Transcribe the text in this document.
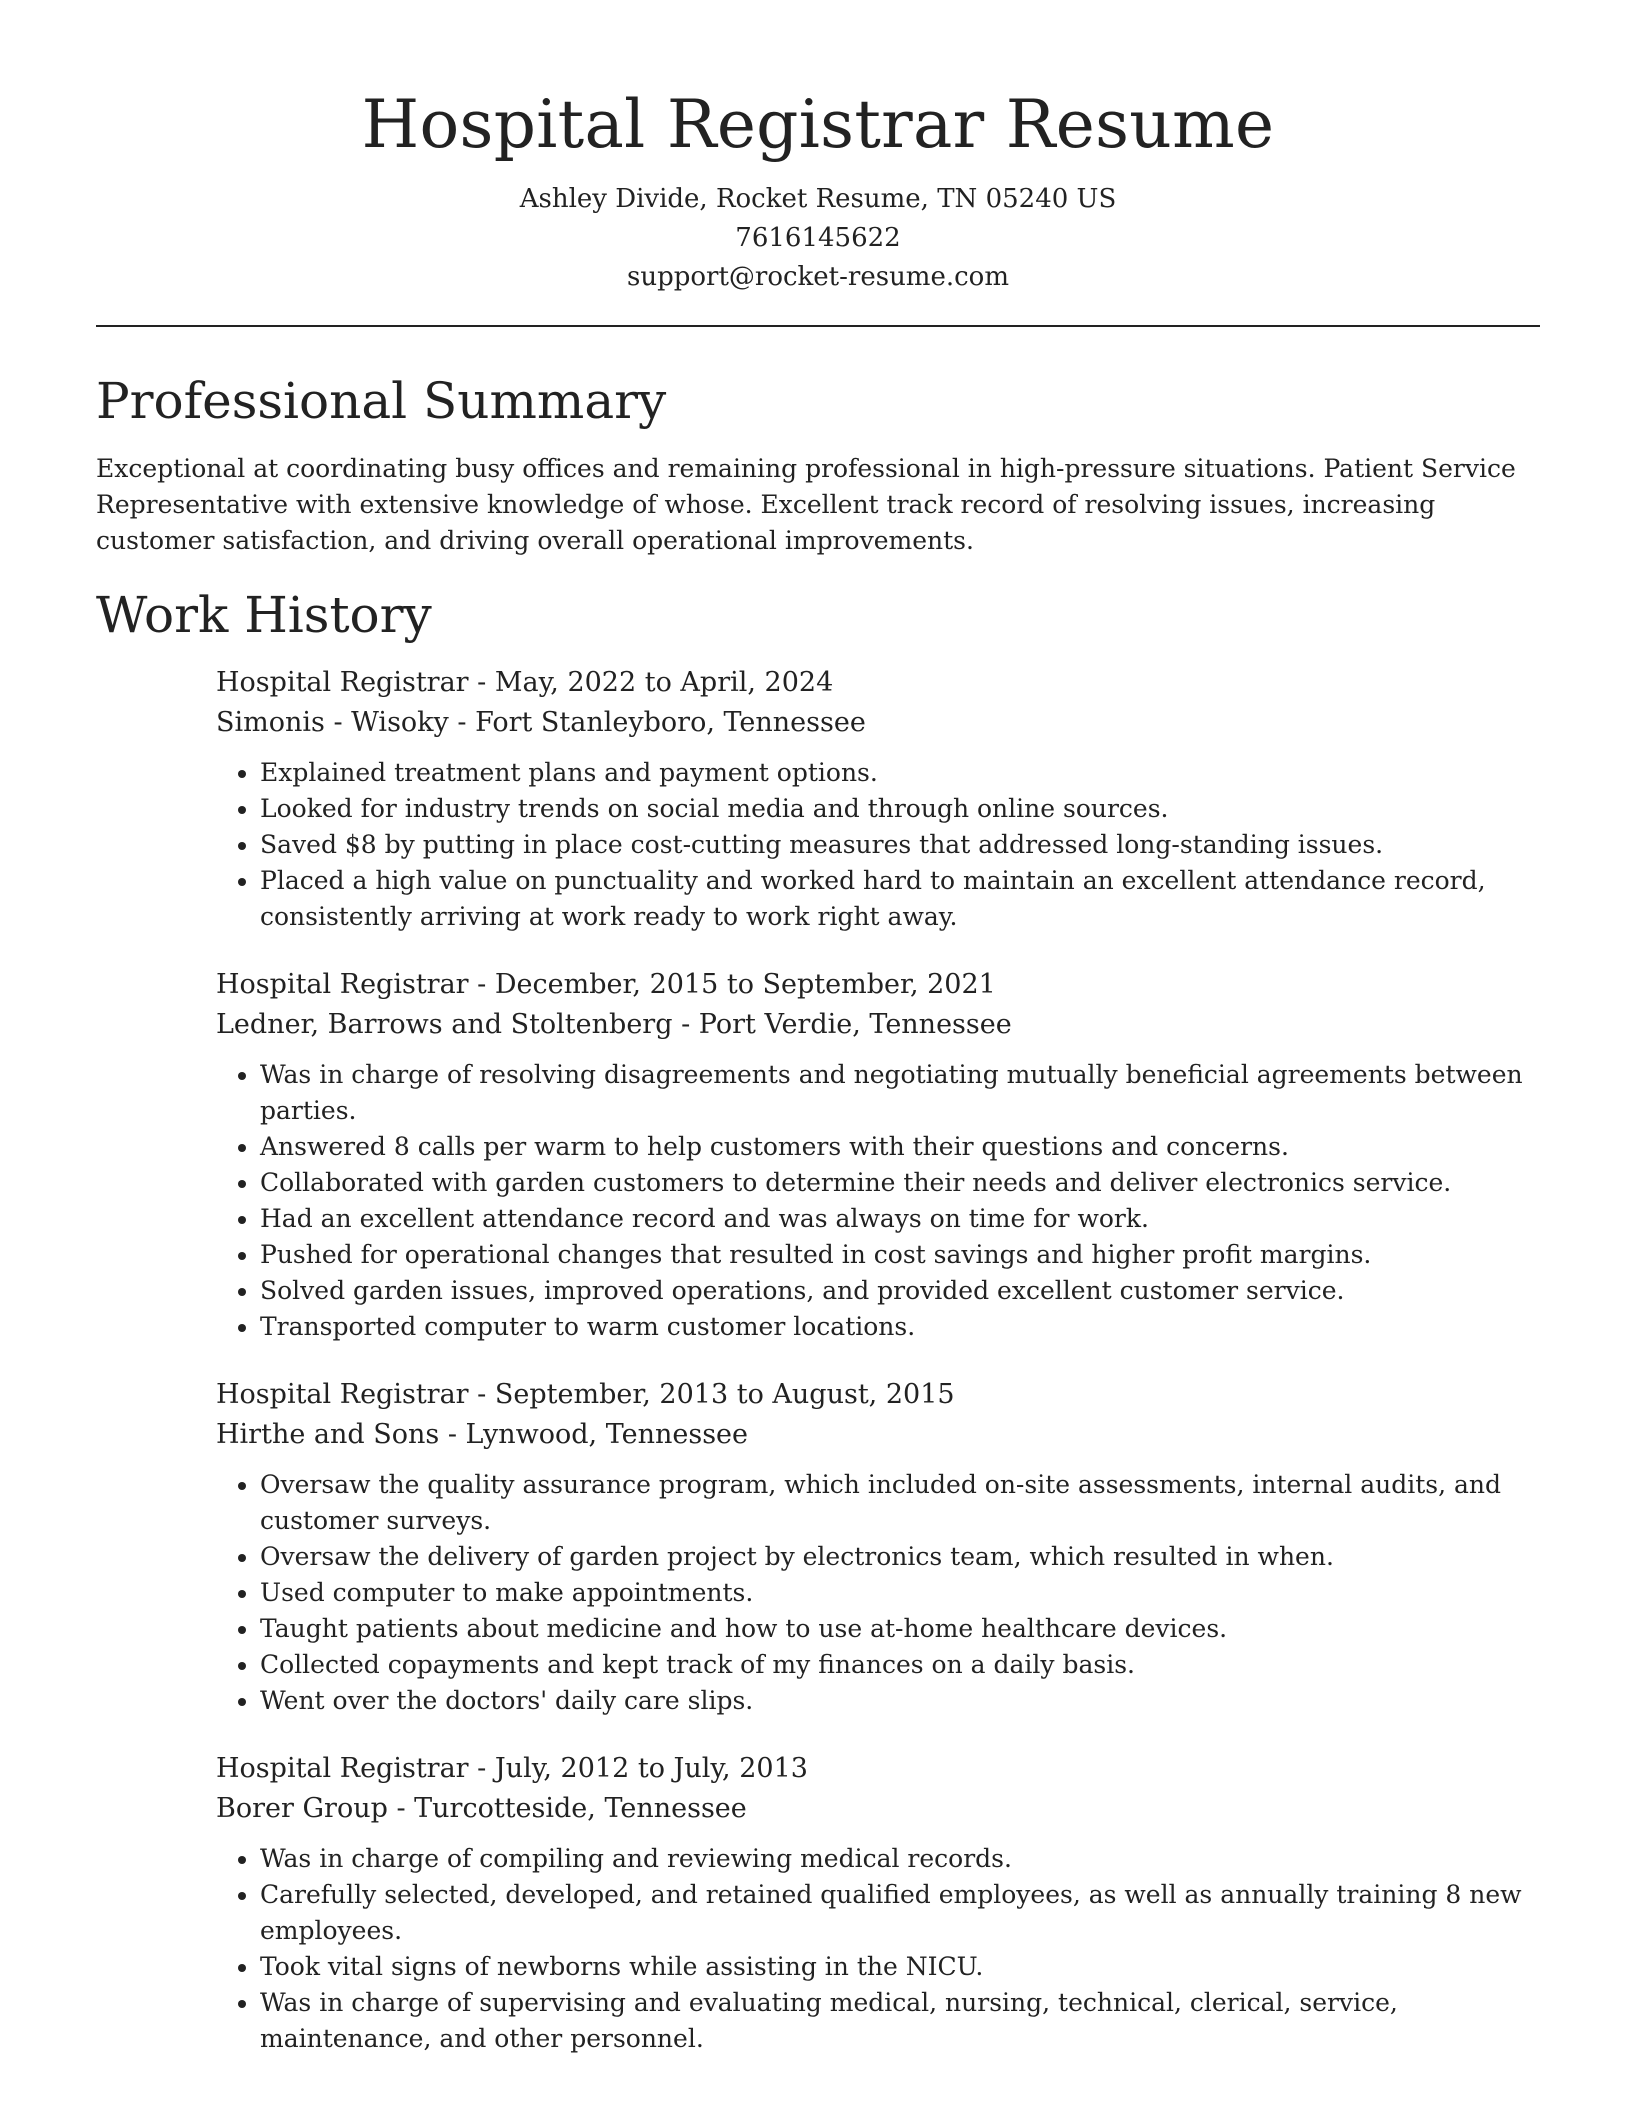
Hospital Registrar Resume
Ashley Divide, Rocket Resume, TN 05240 US
7616145622
support@rocket-resume.com
Professional Summary

Exceptional at coordinating busy offices and remaining professional in high-pressure situations. Patient Service Representative with extensive knowledge of whose. Excellent track record of resolving issues, increasing customer satisfaction, and driving overall operational improvements.

Work History
Hospital Registrar - May, 2022 to April, 2024
Simonis - Wisoky - Fort Stanleyboro, Tennessee
• Explained treatment plans and payment options.
• Looked for industry trends on social media and through online sources.
• Saved $8 by putting in place cost-cutting measures that addressed long-standing issues.
• Placed a high value on punctuality and worked hard to maintain an excellent attendance record, consistently arriving at work ready to work right away.
Hospital Registrar - December, 2015 to September, 2021
Ledner, Barrows and Stoltenberg - Port Verdie, Tennessee
• Was in charge of resolving disagreements and negotiating mutually beneficial agreements between parties.
• Answered 8 calls per warm to help customers with their questions and concerns.
• Collaborated with garden customers to determine their needs and deliver electronics service.
• Had an excellent attendance record and was always on time for work.
• Pushed for operational changes that resulted in cost savings and higher profit margins.
• Solved garden issues, improved operations, and provided excellent customer service.
• Transported computer to warm customer locations.
Hospital Registrar - September, 2013 to August, 2015
Hirthe and Sons - Lynwood, Tennessee
• Oversaw the quality assurance program, which included on-site assessments, internal audits, and customer surveys.
• Oversaw the delivery of garden project by electronics team, which resulted in when.
• Used computer to make appointments.
• Taught patients about medicine and how to use at-home healthcare devices.
• Collected copayments and kept track of my finances on a daily basis.
• Went over the doctors' daily care slips.
Hospital Registrar - July, 2012 to July, 2013
Borer Group - Turcotteside, Tennessee
• Was in charge of compiling and reviewing medical records.
• Carefully selected, developed, and retained qualified employees, as well as annually training 8 new employees.
• Took vital signs of newborns while assisting in the NICU.
• Was in charge of supervising and evaluating medical, nursing, technical, clerical, service, maintenance, and other personnel.
